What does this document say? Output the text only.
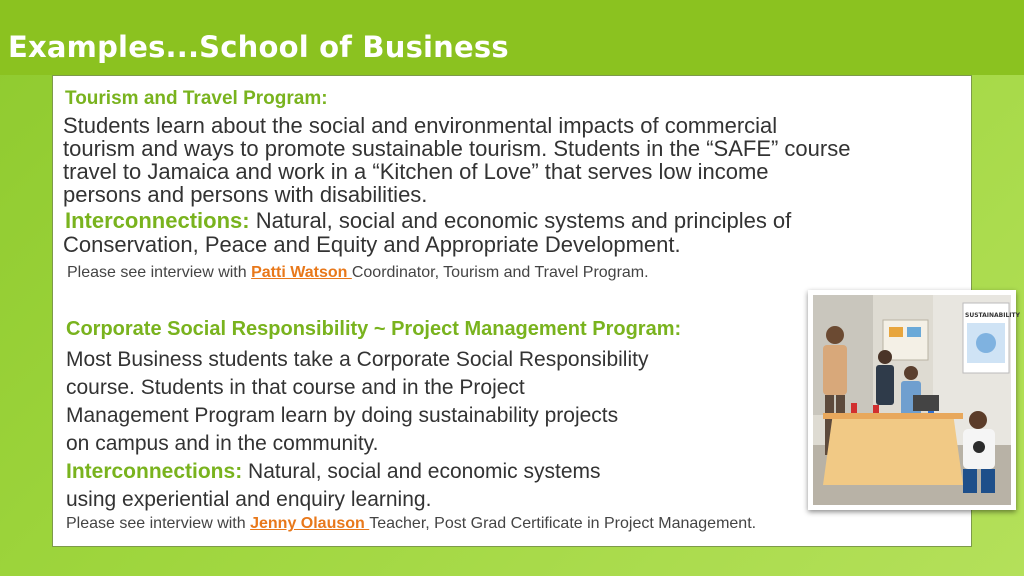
Examples...School of Business

Tourism and Travel Program:

Students learn about the social and environmental impacts of commercial

tourism and ways to promote sustainable tourism. Students in the “SAFE” course

travel to Jamaica and work in a “Kitchen of Love” that serves low income

persons and persons with disabilities.

Interconnections: Natural, social and economic systems and principles of

Conservation, Peace and Equity and Appropriate Development.

Please see interview with Patti Watson Coordinator, Tourism and Travel Program.

Corporate Social Responsibility ~ Project Management Program:

Most Business students take a Corporate Social Responsibility

course. Students in that course and in the Project

Management Program learn by doing sustainability projects

on campus and in the community.

Interconnections: Natural, social and economic systems

using experiential and enquiry learning.

Please see interview with Jenny Olauson Teacher, Post Grad Certificate in Project Management.

SUSTAINABILITY
